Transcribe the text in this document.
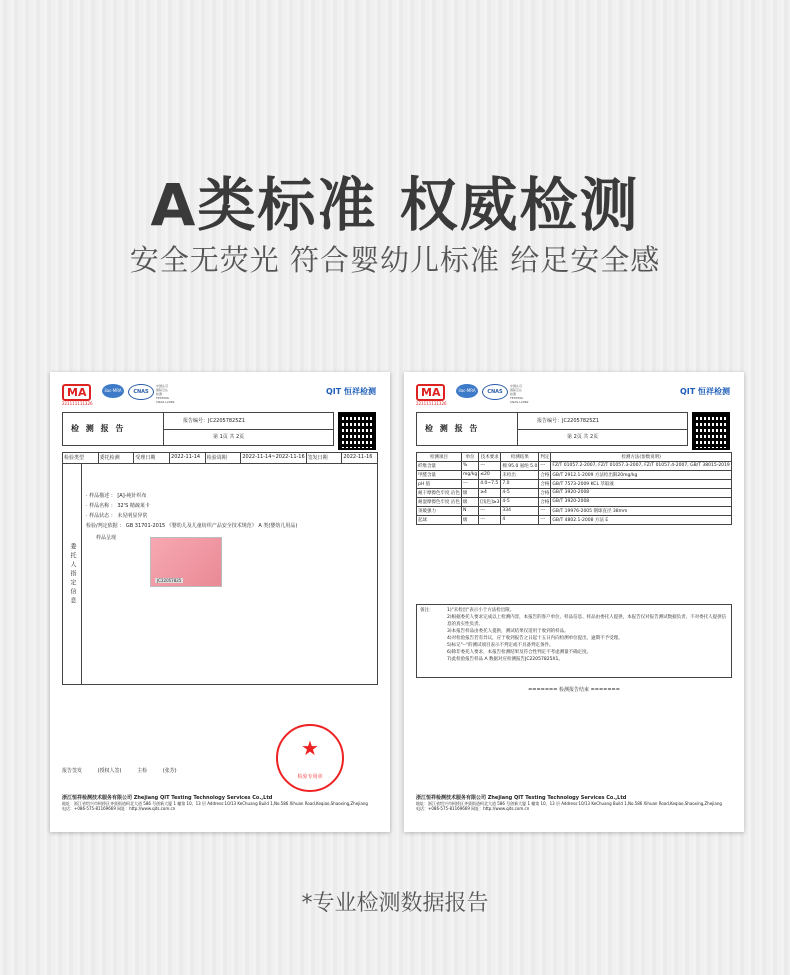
A类标准 权威检测
安全无荧光 符合婴幼儿标准 给足安全感
MA
221111111326
ilac-MRA	CNAS
中国认可
国际互认
检测
TESTING
CNAS L2982
QIT 恒祥检测
检 测 报 告
报告编号：JC22057825Z1
第 1页 共 2页
检验类型	委托检测	受理日期	2022-11-14	检验周期	2022-11-14~2022-11-16 签发日期	2022-11-16
委托人指定信息
· 样品描述 ： [A]-纯针织布
· 样品名称 ： 32'S 精疏莱卡
· 样品状态 ： 未见明显异常
检验/判定依据 ： GB 31701-2015 《婴幼儿及儿童纺织产品安全技术规范》 A 类(婴幼儿用品)
样品呈现
JC22057825
★
检验专用章
报告签发	(授权人签)	主检	(张芳)
浙江恒祥检测技术服务有限公司 Zhejiang QIT Testing Technology Services Co.,Ltd
地址：浙江省绍兴市柯桥区齐贤街道柯北大道 586 号创新大厦 1 幢第 10、13 层 Address:10/13 KeChuang Build 1,No.586 Xihuan Road,Keqiao,Shaoxing,Zhejiang
电话：+086-575-81169669 网址：http://www.qits.com.cn
MA
221111111326
ilac-MRA	CNAS
中国认可
国际互认
检测
TESTING
CNAS L2982
QIT 恒祥检测
检 测 报 告
报告编号：JC22057825Z1
第 2页 共 2页
检测项目	单位	技术要求	检测结果	判定	检测方法(参数说明)
纤维含量	%	---	棉 95.0 氨纶 5.0	---	FZ/T 01057.2-2007, FZ/T 01057.3-2007, FZ/T 01057.4-2007, GB/T 38015-2019
甲醛含量	mg/kg	≤20	未检出	合格	GB/T 2912.1-2009 方法检出限20mg/kg
pH 值	---	4.0~7.5	7.0	合格	GB/T 7573-2009 KCL 萃取液
耐干摩擦色牢度 沾色	级	≥4	4-5	合格	GB/T 3920-2008
耐湿摩擦色牢度 沾色	级	[浅色]≥3	4-5	合格	GB/T 3920-2008
顶破强力	N	---	334	---	GB/T 19976-2005 钢球直径 38mm
起球	级	---	4	---	GB/T 4802.1-2008 方法 E
备注：	1)"未检出"表示小于方法检出限。
2)根据委托人要求完成以上检测内容，本报告的客户单位、样品信息、样品由委托人提供，本报告仅对报告测试数据负责，不对委托人提供信息的真实性负责。
3)本报告样品由委托人提供，测试结果仅适用于收到的样品。
4)对检验报告若有异议，应于收到报告之日起十五日内向检测单位提出，逾期不予受理。
5)标记"--"的测试项目表示不判定或不具备判定条件。
6)除非委托人要求，本报告检测结果及符合性判定不考虑测量不确定度。
7)此检验报告样品 A 数据对应检测报告JC22057825X1。
======= 检测报告结束 =======
浙江恒祥检测技术服务有限公司 Zhejiang QIT Testing Technology Services Co.,Ltd
地址：浙江省绍兴市柯桥区齐贤街道柯北大道 586 号创新大厦 1 幢第 10、13 层 Address:10/13 KeChuang Build 1,No.586 Xihuan Road,Keqiao,Shaoxing,Zhejiang
电话：+086-575-81169669 网址：http://www.qits.com.cn
*专业检测数据报告
